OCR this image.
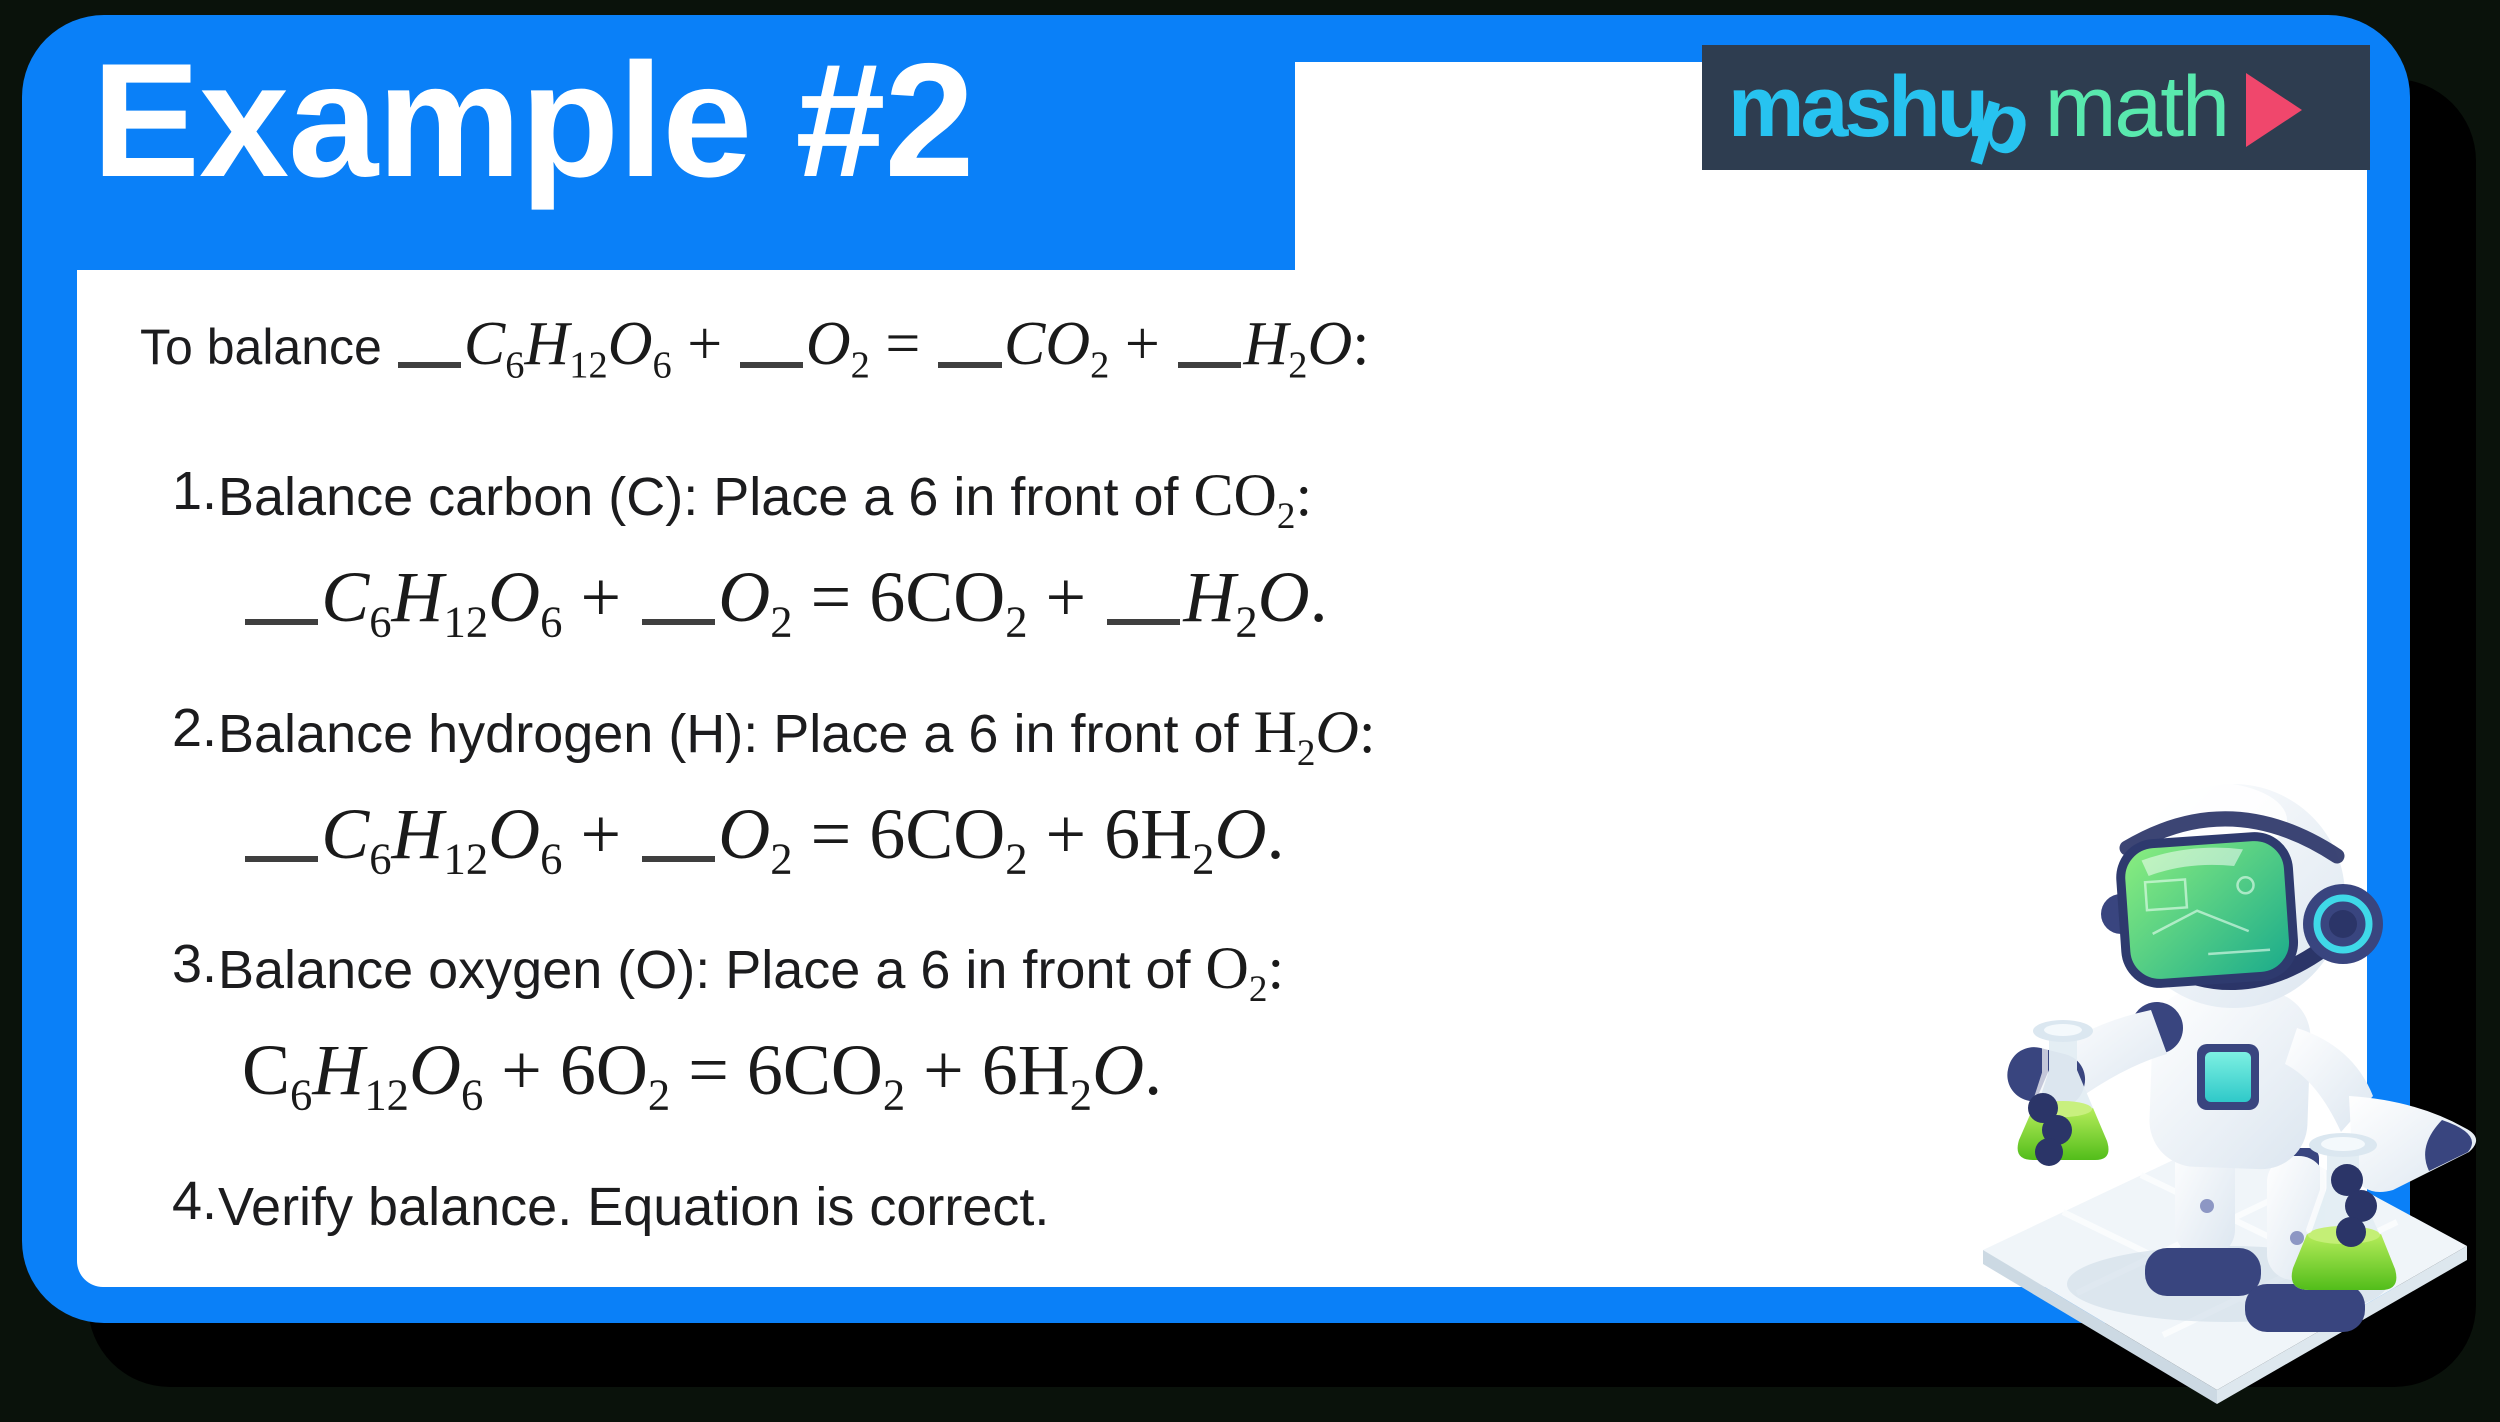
Example #2	mashu
p math
To balance $C_6H_{12}O_6 + O_2 = CO_2 + H_2O$:
1. Balance carbon (C): Place a 6 in front of $CO_2$:
$C_6H_{12}O_6 + O_2 = 6CO_2 + H_2O$.
2. Balance hydrogen (H): Place a 6 in front of $H_2O$:
$C_6H_{12}O_6 + O_2 = 6CO_2 + 6H_2O$.
3. Balance oxygen (O): Place a 6 in front of $O_2$:
$C_6H_{12}O_6 + 6O_2 = 6CO_2 + 6H_2O$.
4. Verify balance. Equation is correct.
